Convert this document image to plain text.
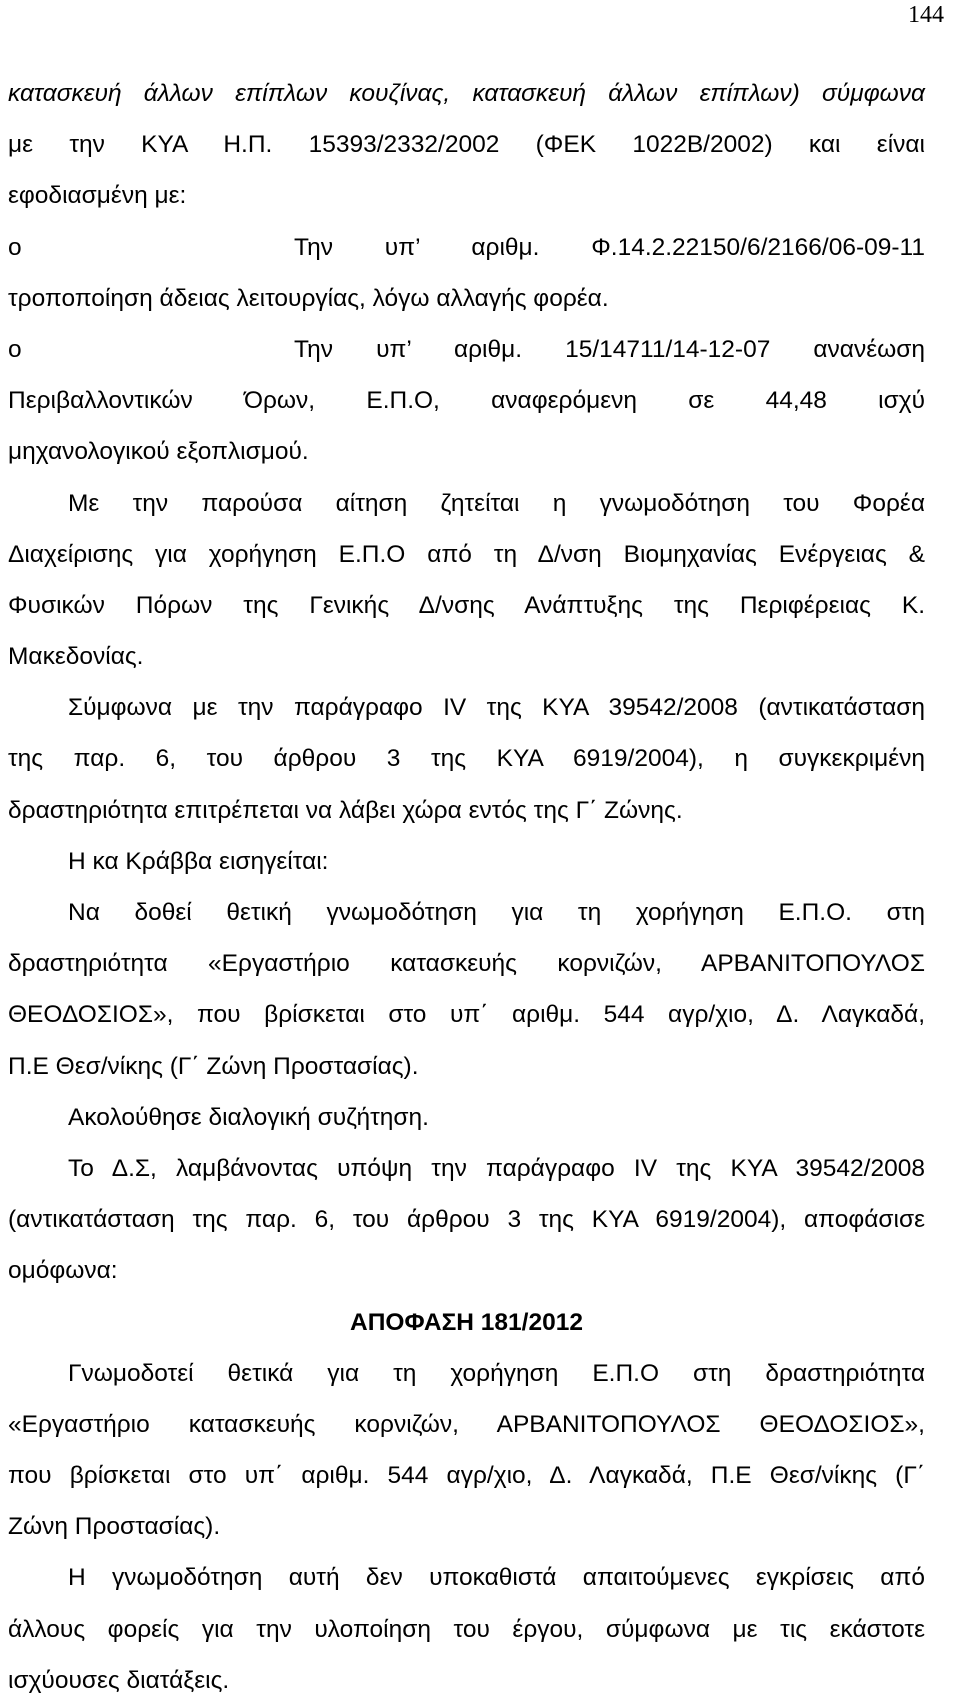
144
κατασκευή άλλων επίπλων κουζίνας, κατασκευή άλλων επίπλων) σύμφωνα
με την ΚΥΑ Η.Π. 15393/2332/2002 (ΦΕΚ 1022Β/2002) και είναι
εφοδιασμένη με:
o	Την υπ’ αριθμ. Φ.14.2.22150/6/2166/06-09-11
τροποποίηση άδειας λειτουργίας, λόγω αλλαγής φορέα.
o	Την υπ’ αριθμ. 15/14711/14-12-07 ανανέωση
Περιβαλλοντικών Όρων, Ε.Π.Ο, αναφερόμενη σε 44,48 ισχύ
μηχανολογικού εξοπλισμού.
Με την παρούσα αίτηση ζητείται η γνωμοδότηση του Φορέα
Διαχείρισης για χορήγηση Ε.Π.Ο από τη Δ/νση Βιομηχανίας Ενέργειας &
Φυσικών Πόρων της Γενικής Δ/νσης Ανάπτυξης της Περιφέρειας Κ.
Μακεδονίας.
Σύμφωνα με την παράγραφο IV της ΚΥΑ 39542/2008 (αντικατάσταση
της παρ. 6, του άρθρου 3 της ΚΥΑ 6919/2004), η συγκεκριμένη
δραστηριότητα επιτρέπεται να λάβει χώρα εντός της Γ΄ Ζώνης.
Η κα Κράββα εισηγείται:
Να δοθεί θετική γνωμοδότηση για τη χορήγηση Ε.Π.Ο. στη
δραστηριότητα «Εργαστήριο κατασκευής κορνιζών, ΑΡΒΑΝΙΤΟΠΟΥΛΟΣ
ΘΕΟΔΟΣΙΟΣ», που βρίσκεται στο υπ΄ αριθμ. 544 αγρ/χιο, Δ. Λαγκαδά,
Π.Ε Θεσ/νίκης (Γ΄ Ζώνη Προστασίας).
Ακολούθησε διαλογική συζήτηση.
Το Δ.Σ, λαμβάνοντας υπόψη την παράγραφο IV της ΚΥΑ 39542/2008
(αντικατάσταση της παρ. 6, του άρθρου 3 της ΚΥΑ 6919/2004), αποφάσισε
ομόφωνα:
ΑΠΟΦΑΣΗ 181/2012
Γνωμοδοτεί θετικά για τη χορήγηση Ε.Π.Ο στη δραστηριότητα
«Εργαστήριο κατασκευής κορνιζών, ΑΡΒΑΝΙΤΟΠΟΥΛΟΣ ΘΕΟΔΟΣΙΟΣ»,
που βρίσκεται στο υπ΄ αριθμ. 544 αγρ/χιο, Δ. Λαγκαδά, Π.Ε Θεσ/νίκης (Γ΄
Ζώνη Προστασίας).
Η γνωμοδότηση αυτή δεν υποκαθιστά απαιτούμενες εγκρίσεις από
άλλους φορείς για την υλοποίηση του έργου, σύμφωνα με τις εκάστοτε
ισχύουσες διατάξεις.
